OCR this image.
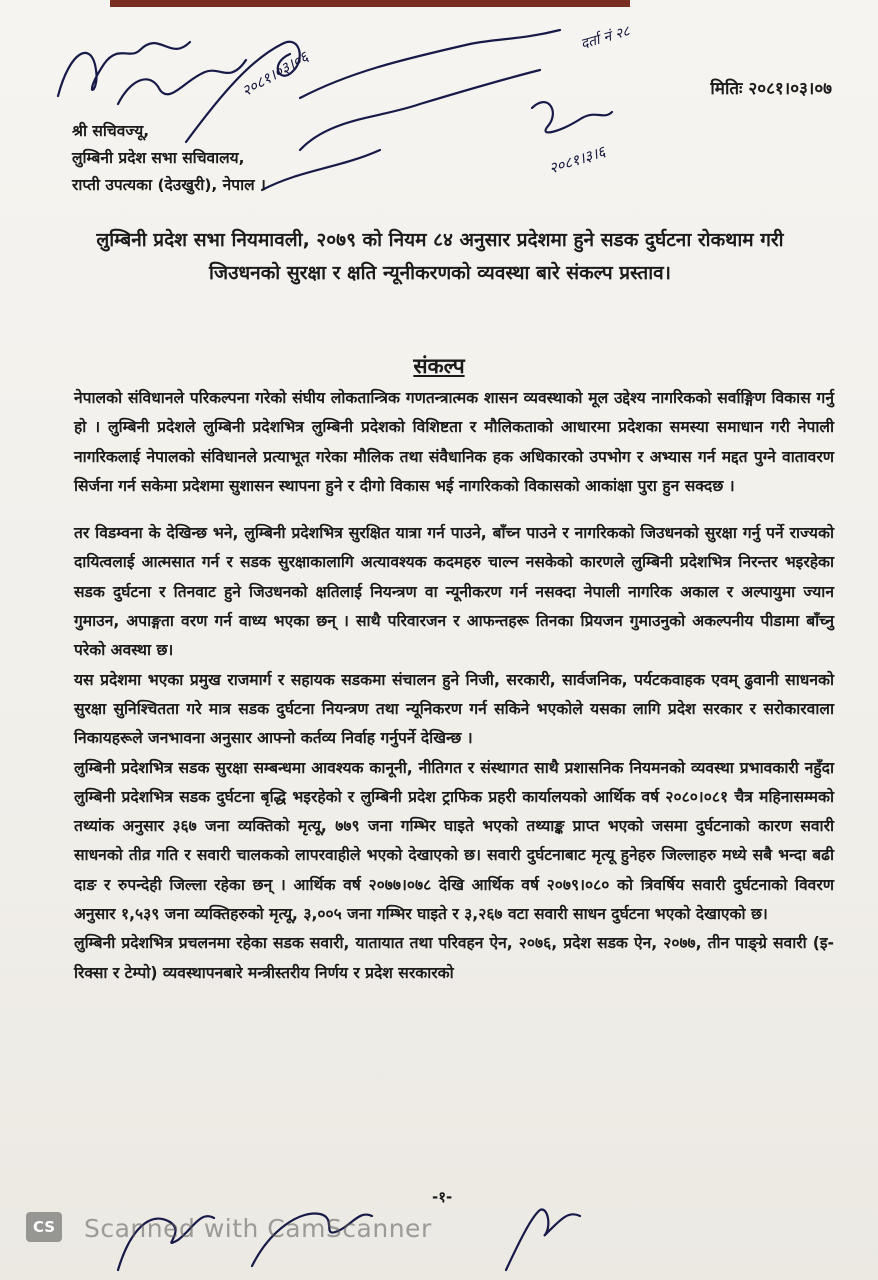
२०८१।०३।०६
२०८१।३।६
दर्ता नं २८
मितिः २०८१।०३।०७
श्री सचिवज्यू,
लुम्बिनी प्रदेश सभा सचिवालय,
राप्ती उपत्यका (देउखुरी), नेपाल ।
लुम्बिनी प्रदेश सभा नियमावली, २०७९ को नियम ८४ अनुसार प्रदेशमा हुने सडक दुर्घटना रोकथाम गरी जिउधनको सुरक्षा र क्षति न्यूनीकरणको व्यवस्था बारे संकल्प प्रस्ताव।
संकल्प

नेपालको संविधानले परिकल्पना गरेको संघीय लोकतान्त्रिक गणतन्त्रात्मक शासन व्यवस्थाको मूल उद्देश्य नागरिकको सर्वाङ्गिण विकास गर्नु हो । लुम्बिनी प्रदेशले लुम्बिनी प्रदेशभित्र लुम्बिनी प्रदेशको विशिष्टता र मौलिकताको आधारमा प्रदेशका समस्या समाधान गरी नेपाली नागरिकलाई नेपालको संविधानले प्रत्याभूत गरेका मौलिक तथा संवैधानिक हक अधिकारको उपभोग र अभ्यास गर्न मद्दत पुग्ने वातावरण सिर्जना गर्न सकेमा प्रदेशमा सुशासन स्थापना हुने र दीगो विकास भई नागरिकको विकासको आकांक्षा पुरा हुन सक्दछ ।

तर विडम्वना के देखिन्छ भने, लुम्बिनी प्रदेशभित्र सुरक्षित यात्रा गर्न पाउने, बाँच्न पाउने र नागरिकको जिउधनको सुरक्षा गर्नु पर्ने राज्यको दायित्वलाई आत्मसात गर्न र सडक सुरक्षाकालागि अत्यावश्यक कदमहरु चाल्न नसकेको कारणले लुम्बिनी प्रदेशभित्र निरन्तर भइरहेका सडक दुर्घटना र तिनवाट हुने जिउधनको क्षतिलाई नियन्त्रण वा न्यूनीकरण गर्न नसक्दा नेपाली नागरिक अकाल र अल्पायुमा ज्यान गुमाउन, अपाङ्गता वरण गर्न वाध्य भएका छन् । साथै परिवारजन र आफन्तहरू तिनका प्रियजन गुमाउनुको अकल्पनीय पीडामा बाँच्नु परेको अवस्था छ।

यस प्रदेशमा भएका प्रमुख राजमार्ग र सहायक सडकमा संचालन हुने निजी, सरकारी, सार्वजनिक, पर्यटकवाहक एवम् ढुवानी साधनको सुरक्षा सुनिश्चितता गरे मात्र सडक दुर्घटना नियन्त्रण तथा न्यूनिकरण गर्न सकिने भएकोले यसका लागि प्रदेश सरकार र सरोकारवाला निकायहरूले जनभावना अनुसार आफ्नो कर्तव्य निर्वाह गर्नुपर्ने देखिन्छ ।

लुम्बिनी प्रदेशभित्र सडक सुरक्षा सम्बन्धमा आवश्यक कानूनी, नीतिगत र संस्थागत साथै प्रशासनिक नियमनको व्यवस्था प्रभावकारी नहुँदा लुम्बिनी प्रदेशभित्र सडक दुर्घटना बृद्धि भइरहेको र लुम्बिनी प्रदेश ट्राफिक प्रहरी कार्यालयको आर्थिक वर्ष २०८०।०८१ चैत्र महिनासम्मको तथ्यांक अनुसार ३६७ जना व्यक्तिको मृत्यू, ७७९ जना गम्भिर घाइते भएको तथ्याङ्क प्राप्त भएको जसमा दुर्घटनाको कारण सवारी साधनको तीव्र गति र सवारी चालकको लापरवाहीले भएको देखाएको छ। सवारी दुर्घटनाबाट मृत्यू हुनेहरु जिल्लाहरु मध्ये सबै भन्दा बढी दाङ र रुपन्देही जिल्ला रहेका छन् । आर्थिक वर्ष २०७७।०७८ देखि आर्थिक वर्ष २०७९।०८० को त्रिवर्षिय सवारी दुर्घटनाको विवरण अनुसार १,५३९ जना व्यक्तिहरुको मृत्यू, ३,००५ जना गम्भिर घाइते र ३,२६७ वटा सवारी साधन दुर्घटना भएको देखाएको छ।

लुम्बिनी प्रदेशभित्र प्रचलनमा रहेका सडक सवारी, यातायात तथा परिवहन ऐन, २०७६, प्रदेश सडक ऐन, २०७७, तीन पाङ्ग्रे सवारी (इ-रिक्सा र टेम्पो) व्यवस्थापनबारे मन्त्रीस्तरीय निर्णय र प्रदेश सरकारको

-१-
CS Scanned with CamScanner
